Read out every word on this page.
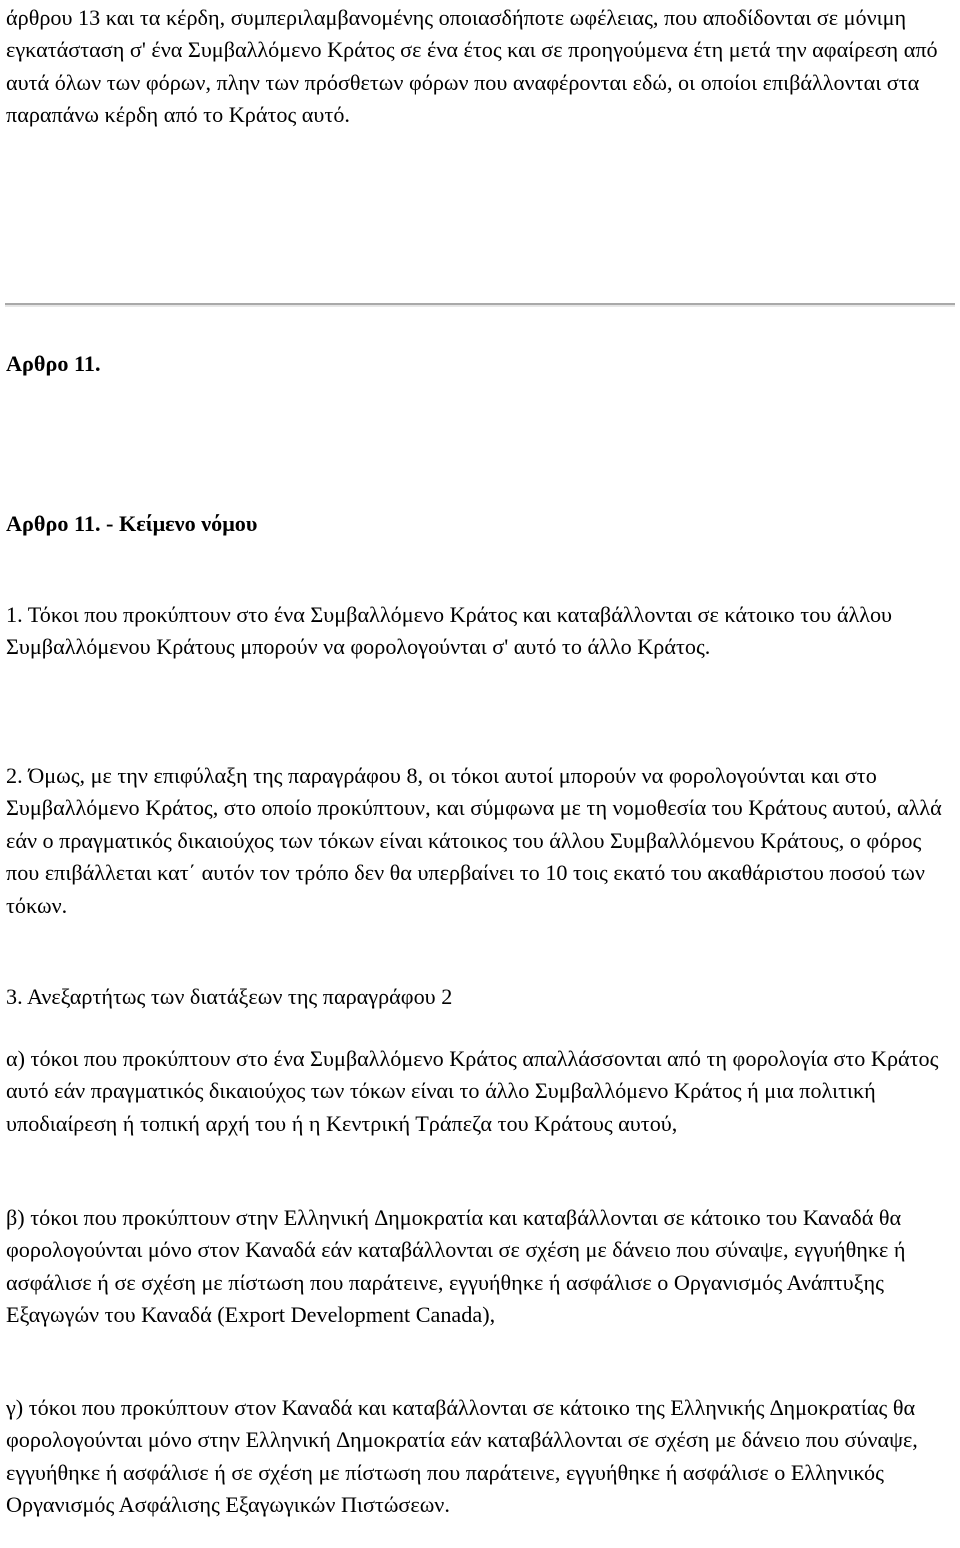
άρθρου 13 και τα κέρδη, συμπεριλαμβανομένης οποιασδήποτε ωφέλειας, που αποδίδονται σε μόνιμη εγκατάσταση σ' ένα Συμβαλλόμενο Κράτος σε ένα έτος και σε προηγούμενα έτη μετά την αφαίρεση από αυτά όλων των φόρων, πλην των πρόσθετων φόρων που αναφέρονται εδώ, οι οποίοι επιβάλλονται στα παραπάνω κέρδη από το Κράτος αυτό.

Αρθρο 11.
Αρθρο 11. - Κείμενο νόμου

1. Τόκοι που προκύπτουν στο ένα Συμβαλλόμενο Κράτος και καταβάλλονται σε κάτοικο του άλλου Συμβαλλόμενου Κράτους μπορούν να φορολογούνται σ' αυτό το άλλο Κράτος.

2. Όμως, με την επιφύλαξη της παραγράφου 8, οι τόκοι αυτοί μπορούν να φορολογούνται και στο Συμβαλλόμενο Κράτος, στο οποίο προκύπτουν, και σύμφωνα με τη νομοθεσία του Κράτους αυτού, αλλά εάν ο πραγματικός δικαιούχος των τόκων είναι κάτοικος του άλλου Συμβαλλόμενου Κράτους, ο φόρος που επιβάλλεται κατ΄ αυτόν τον τρόπο δεν θα υπερβαίνει το 10 τοις εκατό του ακαθάριστου ποσού των τόκων.

3. Ανεξαρτήτως των διατάξεων της παραγράφου 2

α) τόκοι που προκύπτουν στο ένα Συμβαλλόμενο Κράτος απαλλάσσονται από τη φορολογία στο Κράτος αυτό εάν πραγματικός δικαιούχος των τόκων είναι το άλλο Συμβαλλόμενο Κράτος ή μια πολιτική υποδιαίρεση ή τοπική αρχή του ή η Κεντρική Τράπεζα του Κράτους αυτού,

β) τόκοι που προκύπτουν στην Ελληνική ∆ημοκρατία και καταβάλλονται σε κάτοικο του Καναδά θα φορολογούνται μόνο στον Καναδά εάν καταβάλλονται σε σχέση με δάνειο που σύναψε, εγγυήθηκε ή ασφάλισε ή σε σχέση με πίστωση που παράτεινε, εγγυήθηκε ή ασφάλισε ο Οργανισμός Ανάπτυξης Εξαγωγών του Καναδά (Export Development Canada),

γ) τόκοι που προκύπτουν στον Καναδά και καταβάλλονται σε κάτοικο της Ελληνικής ∆ημοκρατίας θα φορολογούνται μόνο στην Ελληνική ∆ημοκρατία εάν καταβάλλονται σε σχέση με δάνειο που σύναψε, εγγυήθηκε ή ασφάλισε ή σε σχέση με πίστωση που παράτεινε, εγγυήθηκε ή ασφάλισε ο Ελληνικός Οργανισμός Ασφάλισης Εξαγωγικών Πιστώσεων.
